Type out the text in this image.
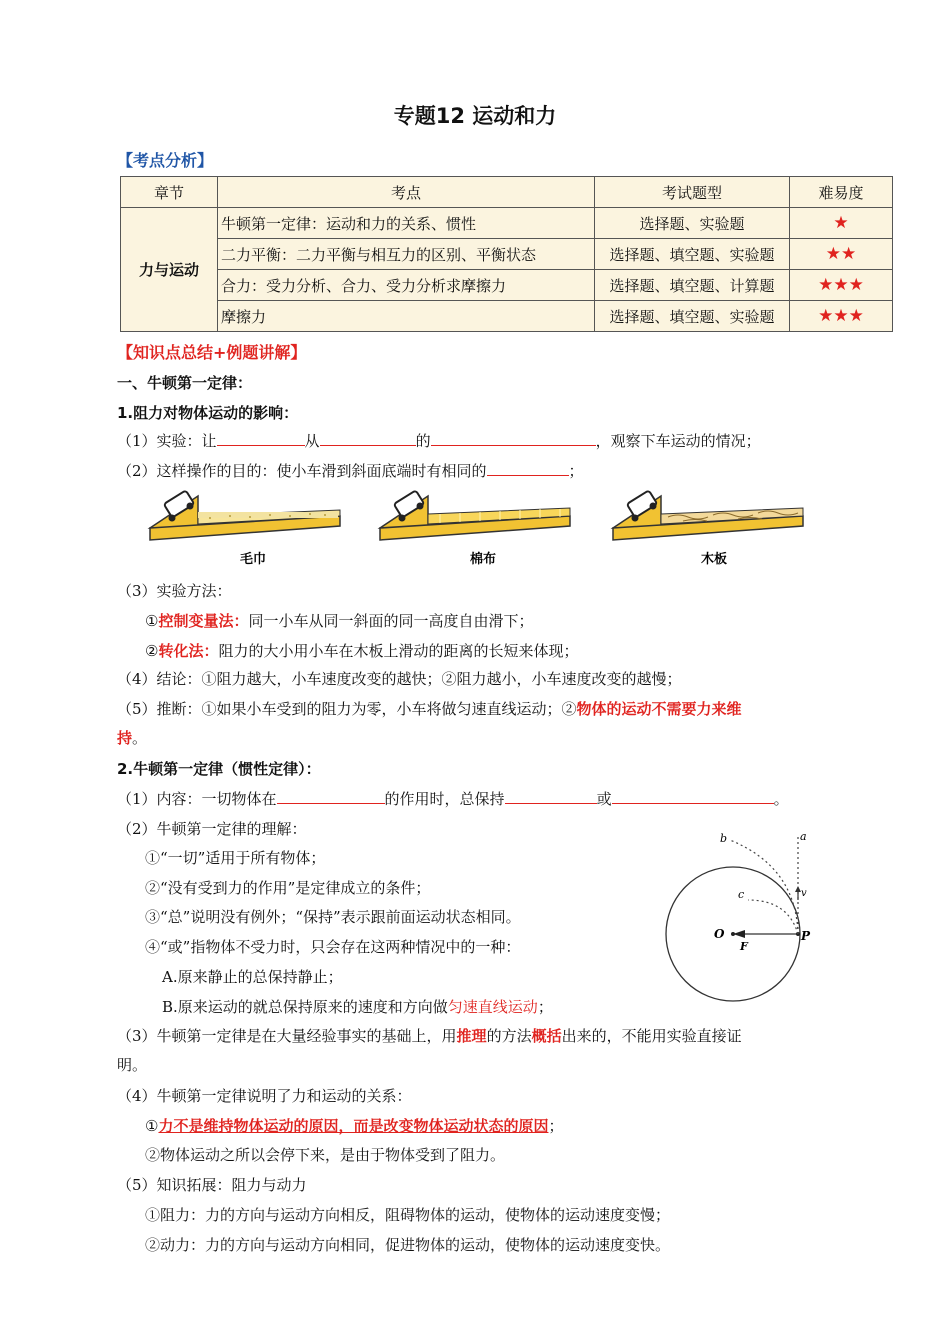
专题12 运动和力
【考点分析】
章节	考点	考试题型	难易度
力与运动	牛顿第一定律：运动和力的关系、惯性	选择题、实验题	★
	二力平衡：二力平衡与相互力的区别、平衡状态	选择题、填空题、实验题	★★
	合力：受力分析、合力、受力分析求摩擦力	选择题、填空题、计算题	★★★
	摩擦力	选择题、填空题、实验题	★★★
【知识点总结+例题讲解】
一、牛顿第一定律：
1.阻力对物体运动的影响：
（1）实验：让	从	的	，观察下车运动的情况；
（2）这样操作的目的：使小车滑到斜面底端时有相同的	；
毛巾	棉布	木板
（3）实验方法：
①控制变量法：同一小车从同一斜面的同一高度自由滑下；
②转化法：阻力的大小用小车在木板上滑动的距离的长短来体现；
（4）结论：①阻力越大，小车速度改变的越快；②阻力越小，小车速度改变的越慢；
（5）推断：①如果小车受到的阻力为零，小车将做匀速直线运动；②物体的运动不需要力来维
持。
2.牛顿第一定律（惯性定律）：
（1）内容：一切物体在	的作用时，总保持	或	。
（2）牛顿第一定律的理解：
①“一切”适用于所有物体；
②“没有受到力的作用”是定律成立的条件；
③“总”说明没有例外；“保持”表示跟前面运动状态相同。
④“或”指物体不受力时，只会存在这两种情况中的一种：
A.原来静止的总保持静止；
B.原来运动的就总保持原来的速度和方向做匀速直线运动；
a
b
c	v
O
F
P
（3）牛顿第一定律是在大量经验事实的基础上，用推理的方法概括出来的，不能用实验直接证
明。
（4）牛顿第一定律说明了力和运动的关系：
①力不是维持物体运动的原因，而是改变物体运动状态的原因；
②物体运动之所以会停下来，是由于物体受到了阻力。
（5）知识拓展：阻力与动力
①阻力：力的方向与运动方向相反，阻碍物体的运动，使物体的运动速度变慢；
②动力：力的方向与运动方向相同，促进物体的运动，使物体的运动速度变快。
